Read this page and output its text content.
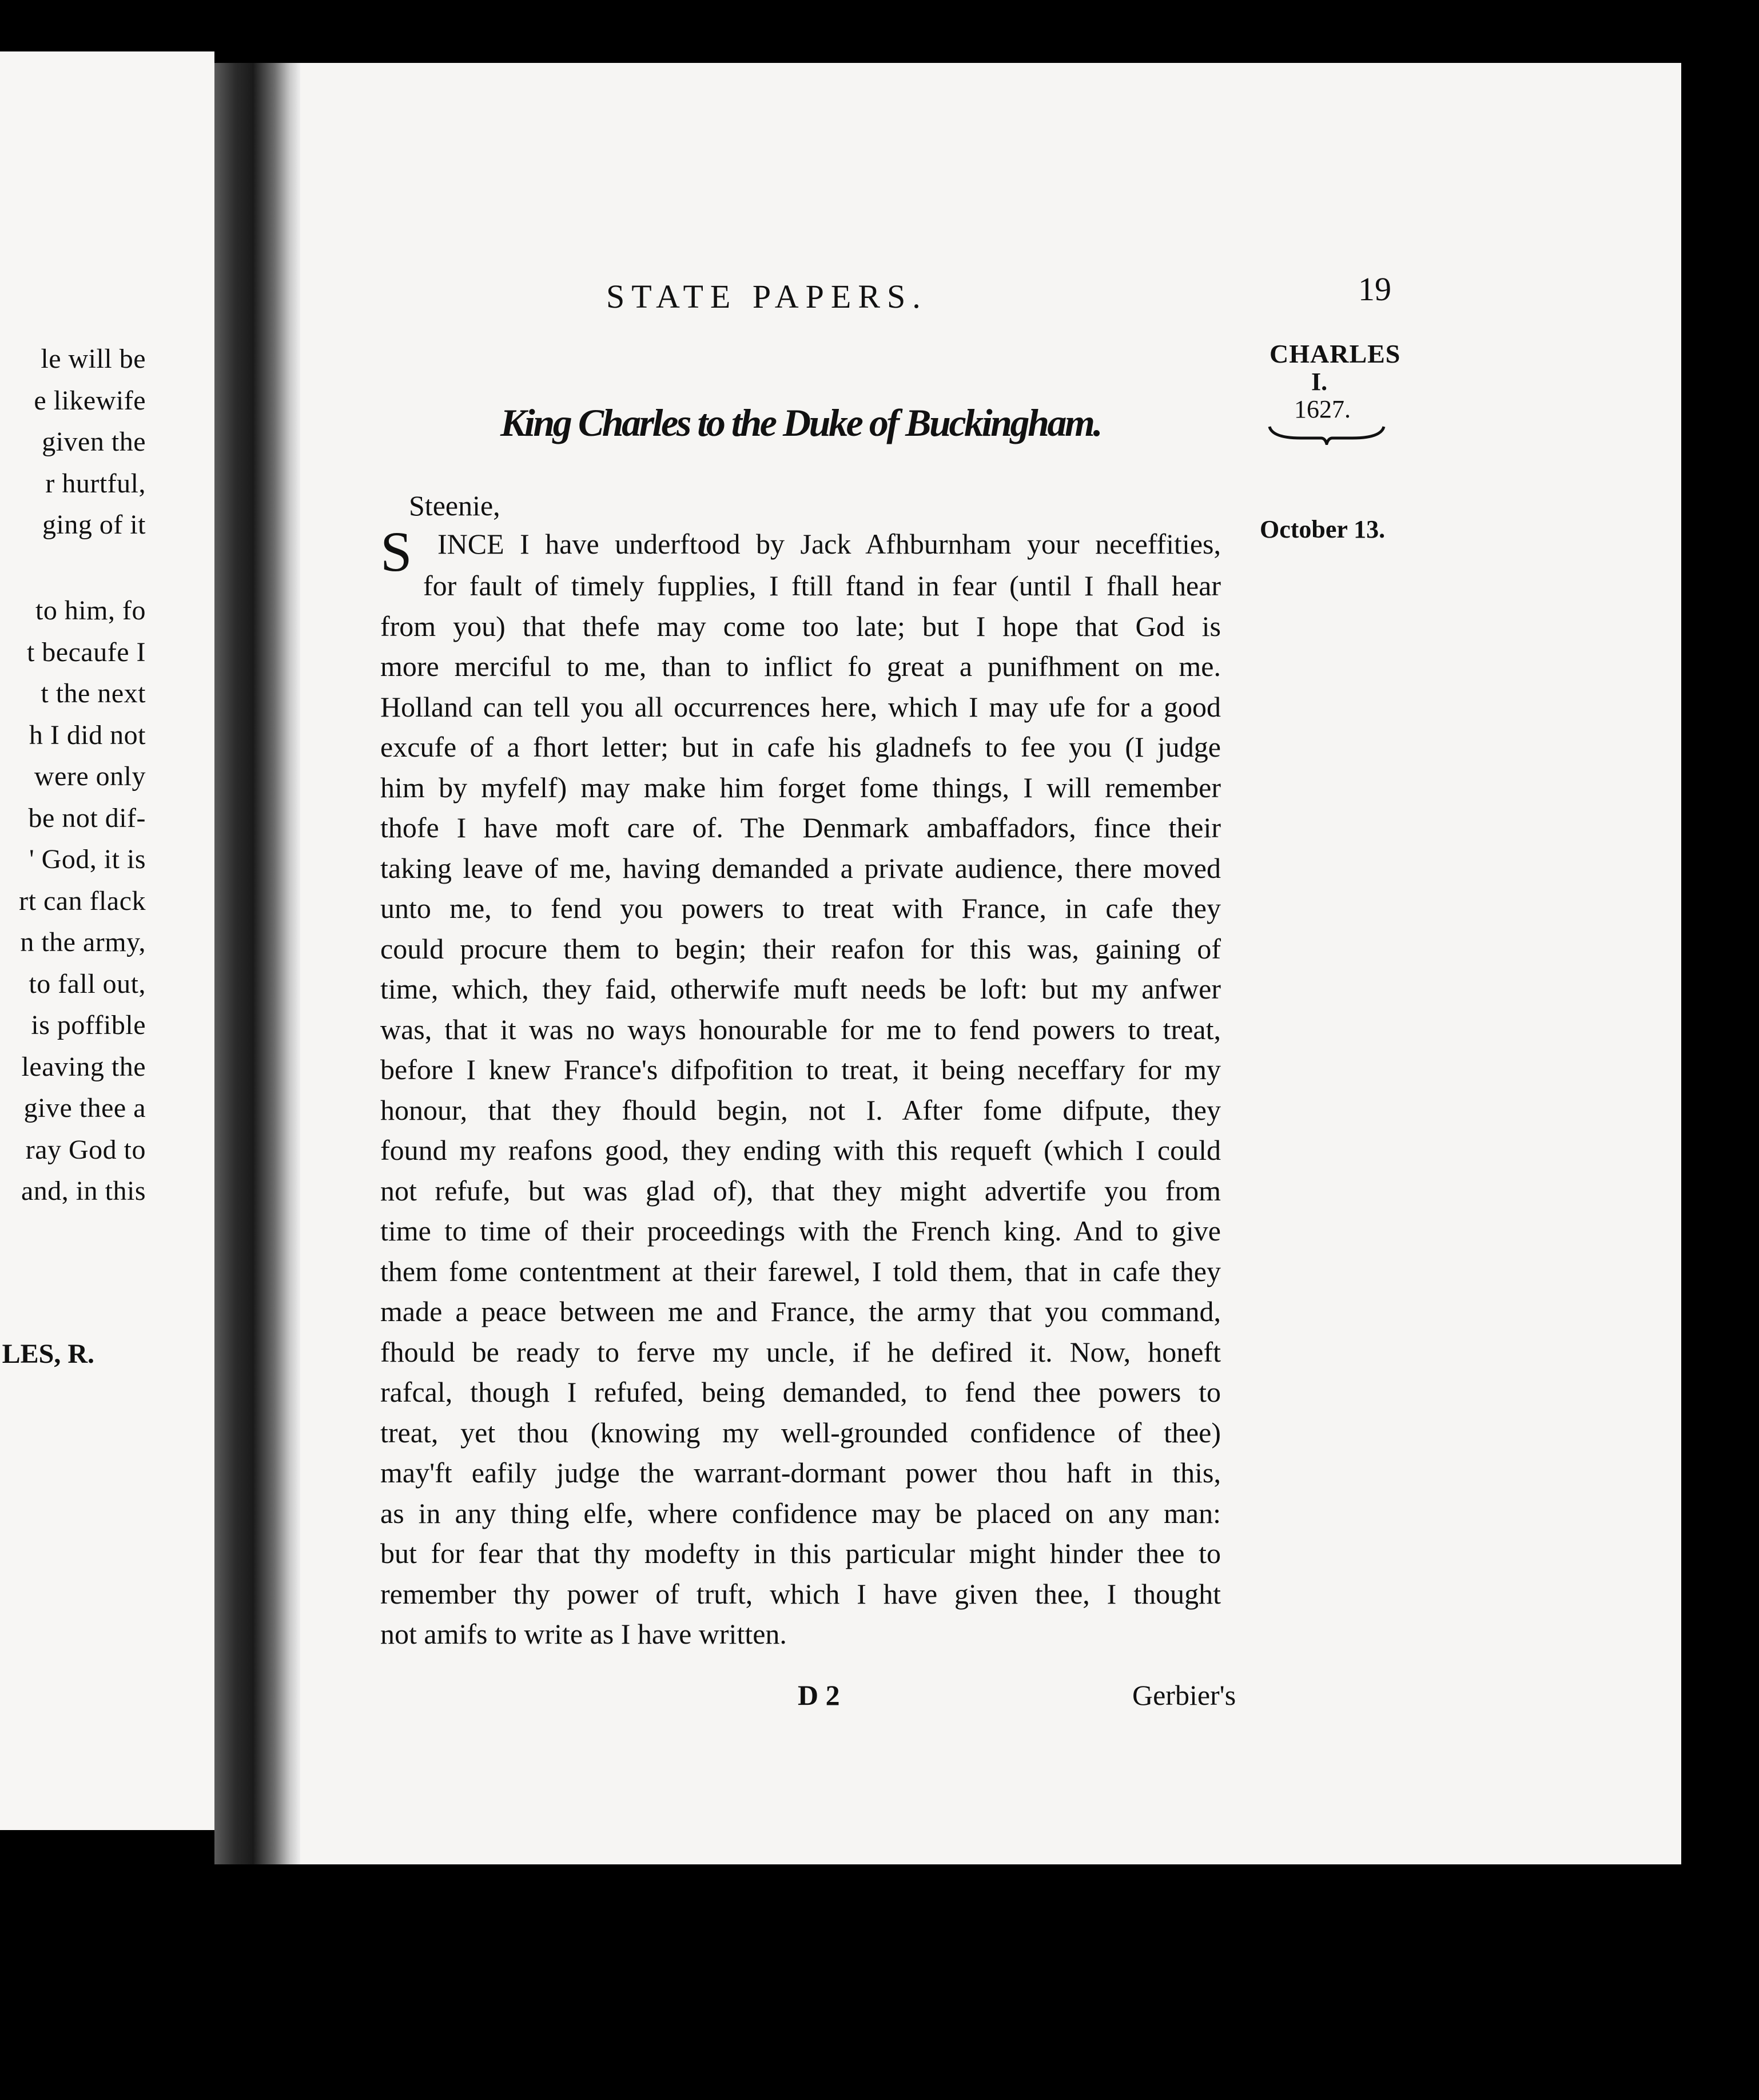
LES, R.
le will be
e likewife
given the
r hurtful,
ging of it
to him, fo
t becaufe I
t the next
h I did not
were only
be not dif-
' God, it is
rt can flack
n the army,
to fall out,
is poffible
leaving the
give thee a
ray God to
and, in this
STATE PAPERS.	19
CHARLES
I.
1627.
October 13.
King Charles to the Duke of Buckingham.
Steenie,
S INCE I have underftood by Jack Afhburnham your neceffities,
for fault of timely fupplies, I ftill ftand in fear (until I fhall hear
from you) that thefe may come too late; but I hope that God is
more merciful to me, than to inflict fo great a punifhment on me.
Holland can tell you all occurrences here, which I may ufe for a good
excufe of a fhort letter; but in cafe his gladnefs to fee you (I judge
him by myfelf) may make him forget fome things, I will remember
thofe I have moft care of. The Denmark ambaffadors, fince their
taking leave of me, having demanded a private audience, there moved
unto me, to fend you powers to treat with France, in cafe they
could procure them to begin; their reafon for this was, gaining of
time, which, they faid, otherwife muft needs be loft: but my anfwer
was, that it was no ways honourable for me to fend powers to treat,
before I knew France's difpofition to treat, it being neceffary for my
honour, that they fhould begin, not I. After fome difpute, they
found my reafons good, they ending with this requeft (which I could
not refufe, but was glad of), that they might advertife you from
time to time of their proceedings with the French king. And to give
them fome contentment at their farewel, I told them, that in cafe they
made a peace between me and France, the army that you command,
fhould be ready to ferve my uncle, if he defired it. Now, honeft
rafcal, though I refufed, being demanded, to fend thee powers to
treat, yet thou (knowing my well-grounded confidence of thee)
may'ft eafily judge the warrant-dormant power thou haft in this,
as in any thing elfe, where confidence may be placed on any man:
but for fear that thy modefty in this particular might hinder thee to
remember thy power of truft, which I have given thee, I thought
not amifs to write as I have written.
D 2	Gerbier's
